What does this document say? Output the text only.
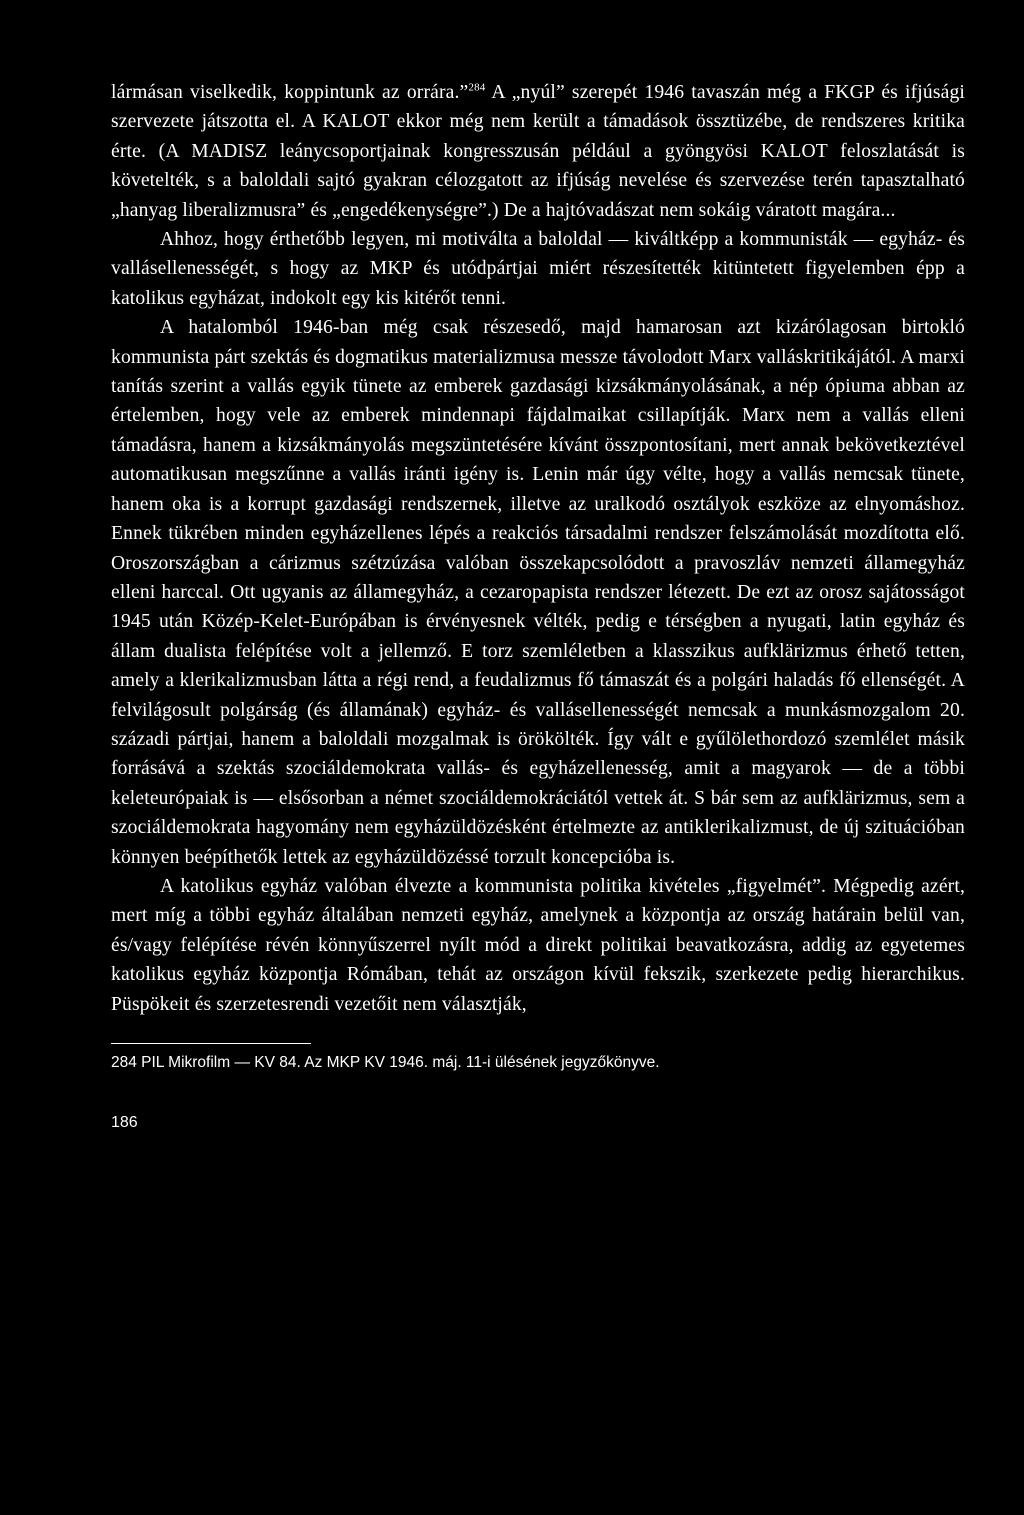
lármásan viselkedik, koppintunk az orrára.”$^{284}$ A „nyúl” szerepét 1946 tavaszán még a FKGP és ifjúsági szervezete játszotta el. A KALOT ekkor még nem került a támadások össztüzébe, de rendszeres kritika érte. (A MADISZ leánycsoportjainak kongresszusán például a gyöngyösi KALOT feloszlatását is követelték, s a baloldali sajtó gyakran célozgatott az ifjúság nevelése és szervezése terén tapasztalható „hanyag liberalizmusra” és „engedékenységre”.) De a hajtóvadászat nem sokáig váratott magára...

Ahhoz, hogy érthetőbb legyen, mi motiválta a baloldal — kiváltképp a kommunisták — egyház- és vallásellenességét, s hogy az MKP és utódpártjai miért részesítették kitüntetett figyelemben épp a katolikus egyházat, indokolt egy kis kitérőt tenni.

A hatalomból 1946-ban még csak részesedő, majd hamarosan azt kizárólagosan birtokló kommunista párt szektás és dogmatikus materializmusa messze távolodott Marx valláskritikájától. A marxi tanítás szerint a vallás egyik tünete az emberek gazdasági kizsákmányolásának, a nép ópiuma abban az értelemben, hogy vele az emberek mindennapi fájdalmaikat csillapítják. Marx nem a vallás elleni támadásra, hanem a kizsákmányolás megszüntetésére kívánt összpontosítani, mert annak bekövetkeztével automatikusan megszűnne a vallás iránti igény is. Lenin már úgy vélte, hogy a vallás nemcsak tünete, hanem oka is a korrupt gazdasági rendszernek, illetve az uralkodó osztályok eszköze az elnyomáshoz. Ennek tükrében minden egyházellenes lépés a reakciós társadalmi rendszer felszámolását mozdította elő. Oroszországban a cárizmus szétzúzása valóban összekapcsolódott a pravoszláv nemzeti államegyház elleni harccal. Ott ugyanis az államegyház, a cezaropapista rendszer létezett. De ezt az orosz sajátosságot 1945 után Közép-Kelet-Európában is érvényesnek vélték, pedig e térségben a nyugati, latin egyház és állam dualista felépítése volt a jellemző. E torz szemléletben a klasszikus aufklärizmus érhető tetten, amely a klerikalizmusban látta a régi rend, a feudalizmus fő támaszát és a polgári haladás fő ellenségét. A felvilágosult polgárság (és államának) egyház- és vallásellenességét nemcsak a munkásmozgalom 20. századi pártjai, hanem a baloldali mozgalmak is örökölték. Így vált e gyűlölethordozó szemlélet másik forrásává a szektás szociáldemokrata vallás- és egyházellenesség, amit a magyarok — de a többi keleteurópaiak is — elsősorban a német szociáldemokráciától vettek át. S bár sem az aufklärizmus, sem a szociáldemokrata hagyomány nem egyházüldözésként értelmezte az antiklerikalizmust, de új szituációban könnyen beépíthetők lettek az egyházüldözéssé torzult koncepcióba is.

A katolikus egyház valóban élvezte a kommunista politika kivételes „figyelmét”. Mégpedig azért, mert míg a többi egyház általában nemzeti egyház, amelynek a központja az ország határain belül van, és/vagy felépítése révén könnyűszerrel nyílt mód a direkt politikai beavatkozásra, addig az egyetemes katolikus egyház központja Rómában, tehát az országon kívül fekszik, szerkezete pedig hierarchikus. Püspökeit és szerzetesrendi vezetőit nem választják,

284 PIL Mikrofilm — KV 84. Az MKP KV 1946. máj. 11-i ülésének jegyzőkönyve.

186
